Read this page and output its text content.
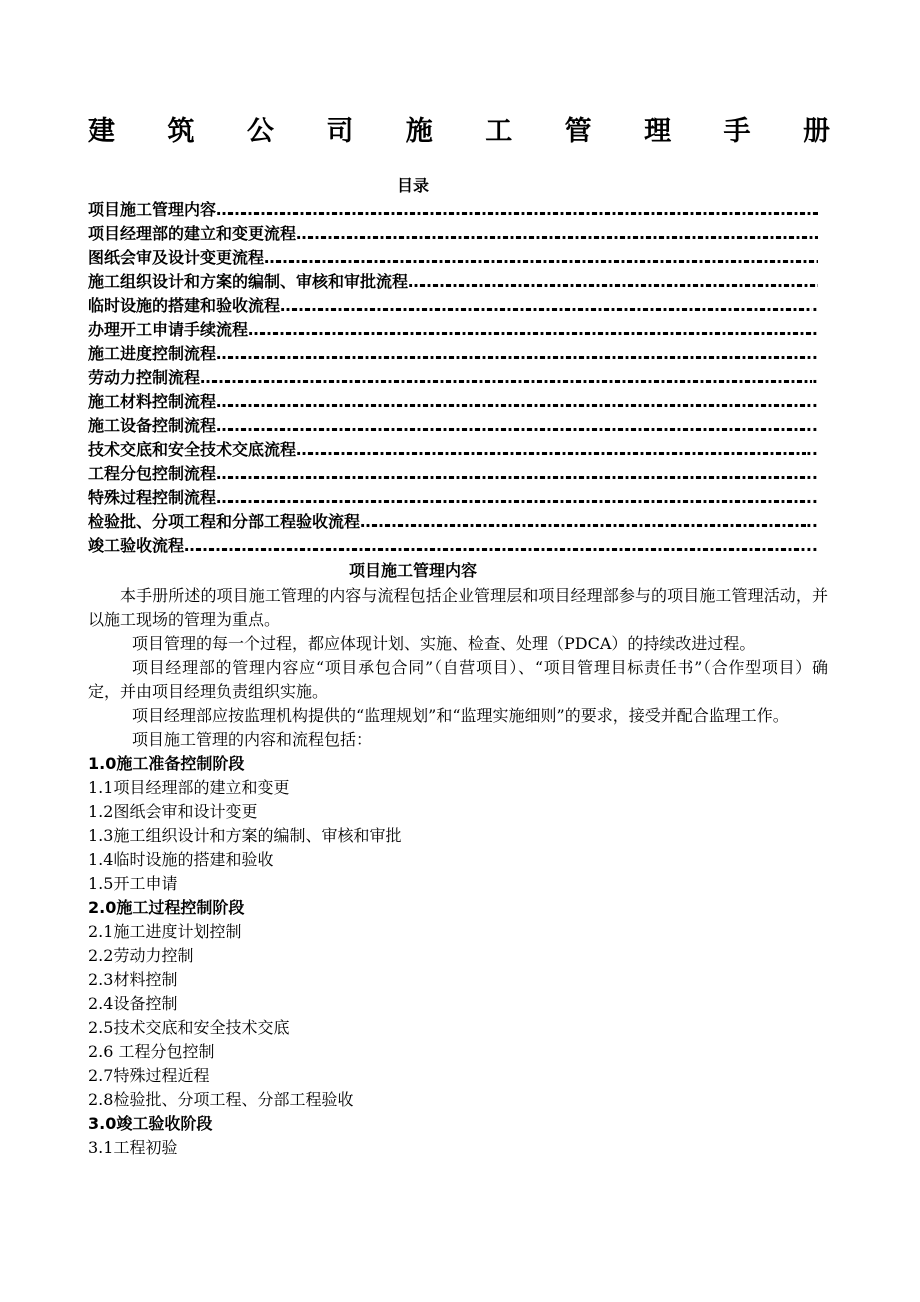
建 筑 公 司 施 工 管 理 手 册
目录
项目施工管理内容
……………………………………………………………………………………………………………………………………………………
项目经理部的建立和变更流程
……………………………………………………………………………………………………………………………………………………
图纸会审及设计变更流程
……………………………………………………………………………………………………………………………………………………
施工组织设计和方案的编制、审核和审批流程
……………………………………………………………………………………………………………………………………………………
临时设施的搭建和验收流程 ……………………………………………………………………………………………………………………………………………………	.
办理开工申请手续流程 ……………………………………………………………………………………………………………………………………………………	.
施工进度控制流程 ……………………………………………………………………………………………………………………………………………………	.
劳动力控制流程 ……………………………………………………………………………………………………………………………………………………	.
施工材料控制流程 ……………………………………………………………………………………………………………………………………………………	..
施工设备控制流程 ……………………………………………………………………………………………………………………………………………………	..
技术交底和安全技术交底流程 ……………………………………………………………………………………………………………………………………………………	..
工程分包控制流程 ……………………………………………………………………………………………………………………………………………………	..
特殊过程控制流程 ……………………………………………………………………………………………………………………………………………………	..
检验批、分项工程和分部工程验收流程 ……………………………………………………………………………………………………………………………………………………	..
竣工验收流程 ……………………………………………………………………………………………………………………………………………………	..
项目施工管理内容

本手册所述的项目施工管理的内容与流程包括企业管理层和项目经理部参与的项目施工管理活动，并以施工现场的管理为重点。

项目管理的每一个过程，都应体现计划、实施、检查、处理（PDCA）的持续改进过程。

项目经理部的管理内容应“项目承包合同”（自营项目）、“项目管理目标责任书”（合作型项目）确定，并由项目经理负责组织实施。

项目经理部应按监理机构提供的“监理规划”和“监理实施细则”的要求，接受并配合监理工作。

项目施工管理的内容和流程包括：

1.0施工准备控制阶段
1.1项目经理部的建立和变更
1.2图纸会审和设计变更
1.3施工组织设计和方案的编制、审核和审批
1.4临时设施的搭建和验收
1.5开工申请
2.0施工过程控制阶段
2.1施工进度计划控制
2.2劳动力控制
2.3材料控制
2.4设备控制
2.5技术交底和安全技术交底
2.6 工程分包控制
2.7特殊过程近程
2.8检验批、分项工程、分部工程验收
3.0竣工验收阶段
3.1工程初验
